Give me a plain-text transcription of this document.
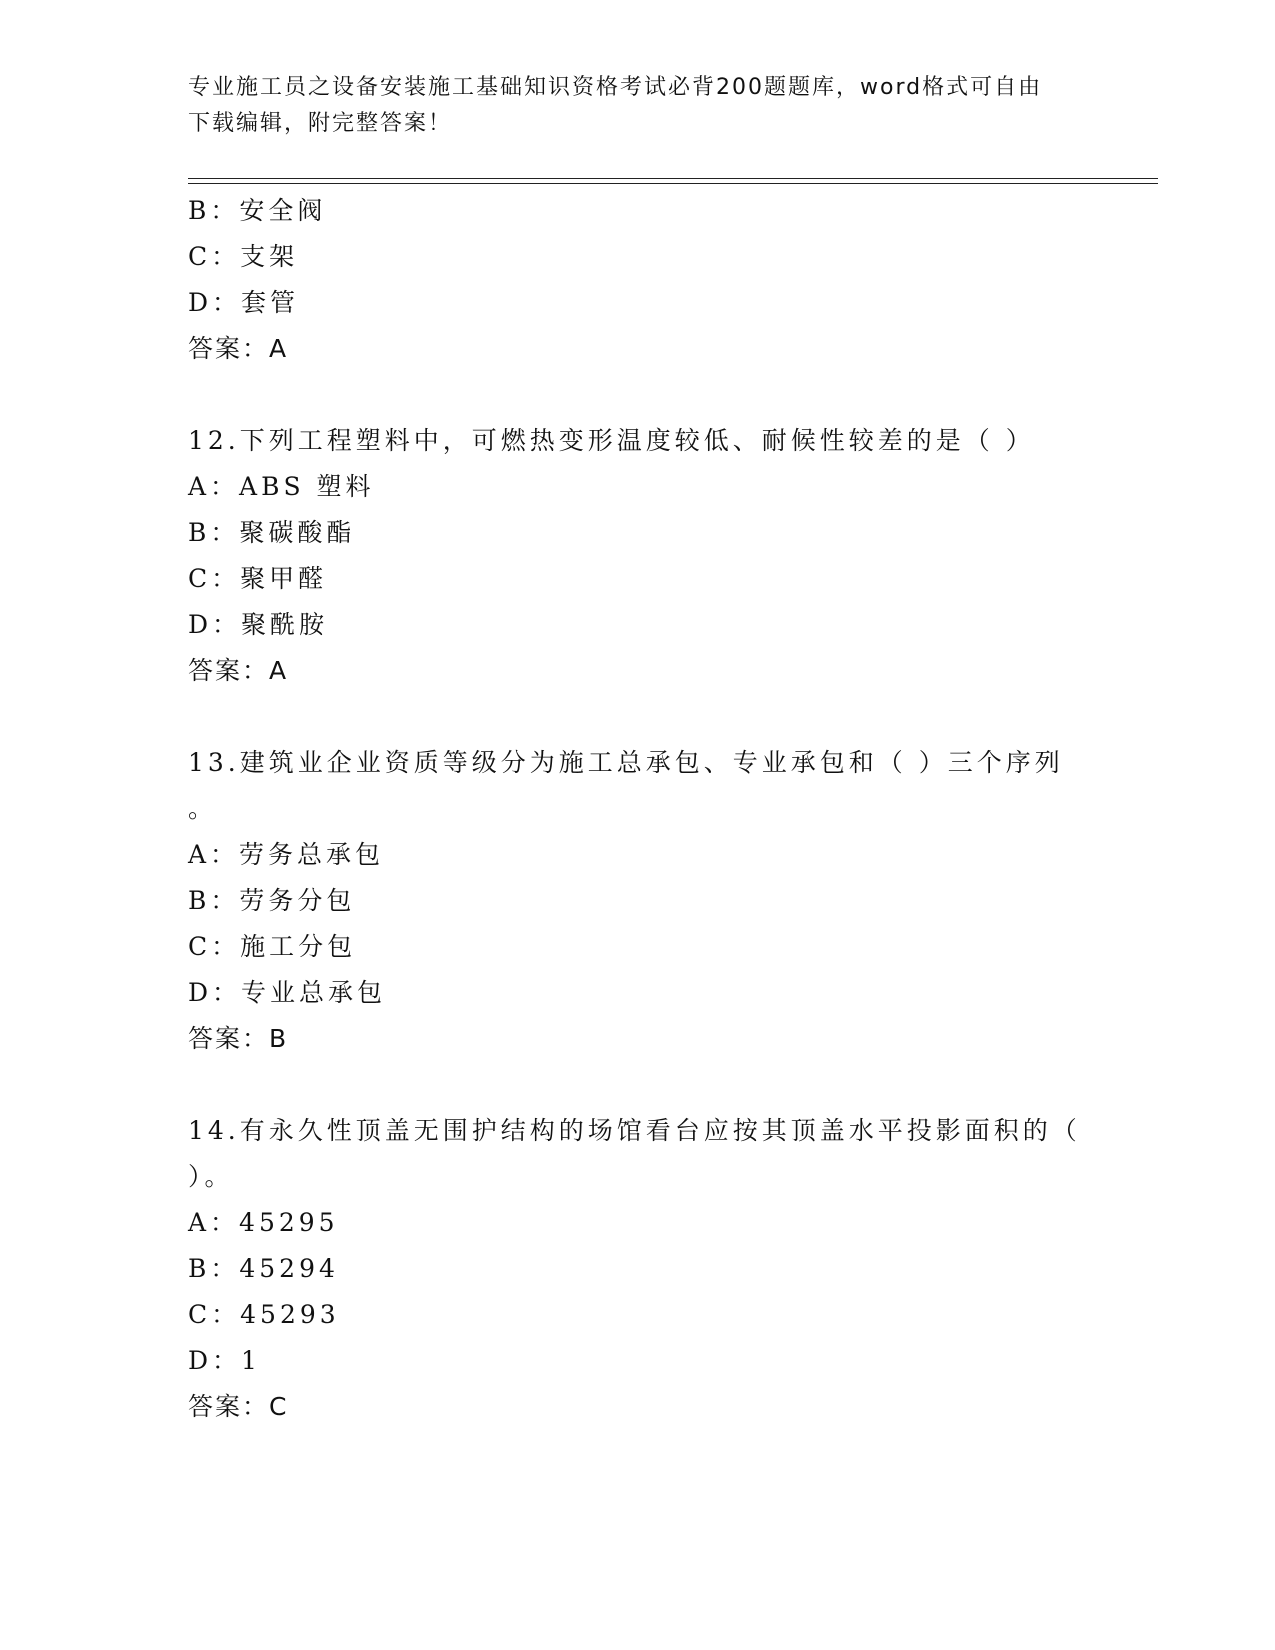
专业施工员之设备安装施工基础知识资格考试必背200题题库，word格式可自由
下载编辑，附完整答案！
B：安全阀
C：支架
D：套管
答案：A
12.下列工程塑料中，可燃热变形温度较低、耐候性较差的是（ ）
A：ABS 塑料
B：聚碳酸酯
C：聚甲醛
D：聚酰胺
答案：A
13.建筑业企业资质等级分为施工总承包、专业承包和（ ）三个序列
。
A：劳务总承包
B：劳务分包
C：施工分包
D：专业总承包
答案：B
14.有永久性顶盖无围护结构的场馆看台应按其顶盖水平投影面积的（
）。
A：45295
B：45294
C：45293
D：1
答案：C
